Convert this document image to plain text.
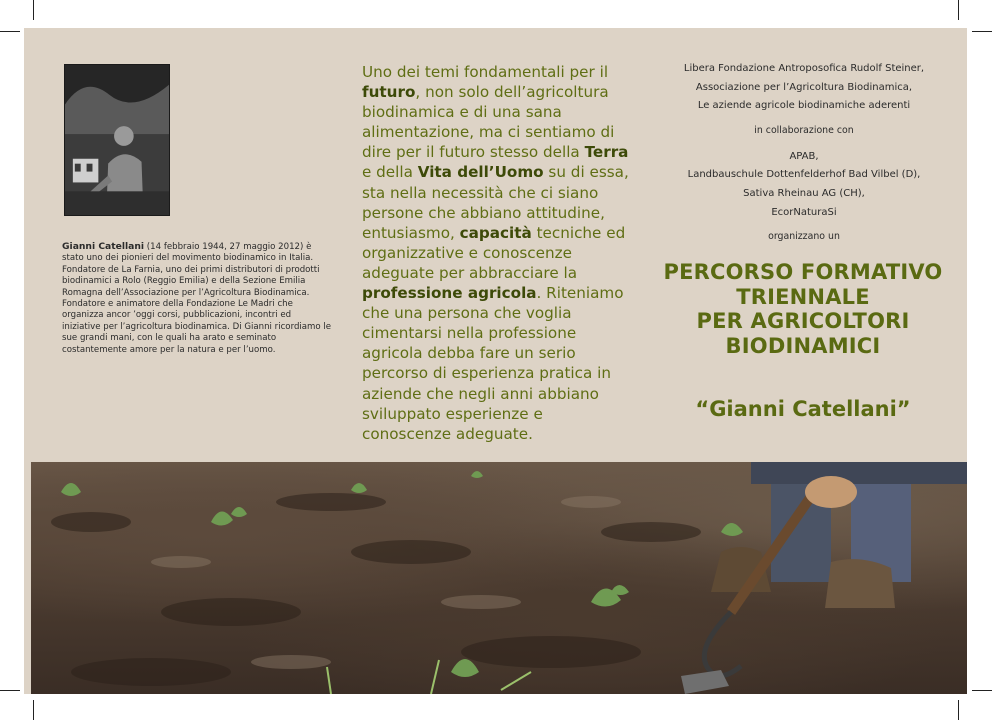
Gianni Catellani (14 febbraio 1944, 27 maggio 2012) è stato uno dei pionieri del movimento biodinamico in Italia. Fondatore de La Farnia, uno dei primi distributori di prodotti biodinamici a Rolo (Reggio Emilia) e della Sezione Emilia Romagna dell’Associazione per l’Agricoltura Biodinamica. Fondatore e animatore della Fondazione Le Madri che organizza ancor ’oggi corsi, pubblicazioni, incontri ed iniziative per l’agricoltura biodinamica. Di Gianni ricordiamo le sue grandi mani, con le quali ha arato e seminato costantemente amore per la natura e per l’uomo.
Uno dei temi fondamentali per il futuro, non solo dell’agricoltura biodinamica e di una sana alimentazione, ma ci sentiamo di dire per il futuro stesso della Terra e della Vita dell’Uomo su di essa, sta nella necessità che ci siano persone che abbiano attitudine, entusiasmo, capacità tecniche ed organizzative e conoscenze adeguate per abbracciare la professione agricola. Riteniamo che una persona che voglia cimentarsi nella professione agricola debba fare un serio percorso di esperienza pratica in aziende che negli anni abbiano sviluppato esperienze e conoscenze adeguate.
Libera Fondazione Antroposofica Rudolf Steiner,
Associazione per l’Agricoltura Biodinamica,
Le aziende agricole biodinamiche aderenti
in collaborazione con
APAB,
Landbauschule Dottenfelderhof Bad Vilbel (D),
Sativa Rheinau AG (CH),
EcorNaturaSi
organizzano un
PERCORSO FORMATIVO
TRIENNALE
PER AGRICOLTORI
BIODINAMICI
“Gianni Catellani”
